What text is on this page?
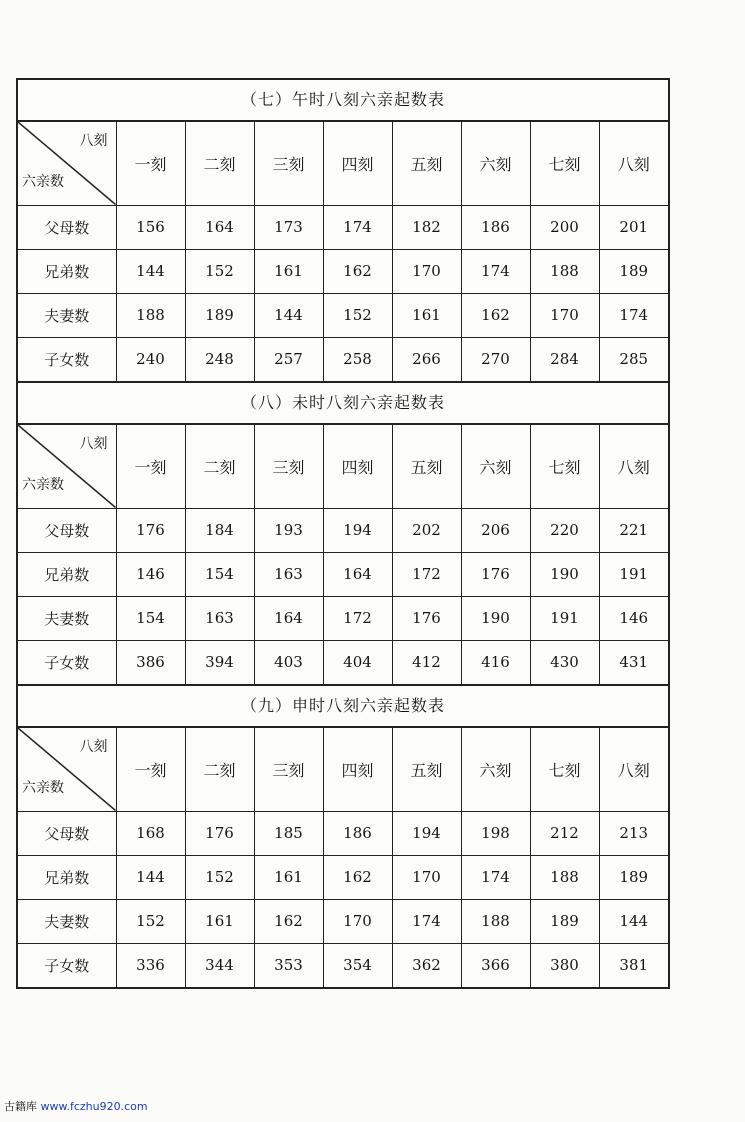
（七）午时八刻六亲起数表
八刻
六亲数	一刻	二刻	三刻	四刻	五刻	六刻	七刻	八刻
父母数	156	164	173	174	182	186	200	201
兄弟数	144	152	161	162	170	174	188	189
夫妻数	188	189	144	152	161	162	170	174
子女数	240	248	257	258	266	270	284	285
（八）未时八刻六亲起数表
八刻
六亲数	一刻	二刻	三刻	四刻	五刻	六刻	七刻	八刻
父母数	176	184	193	194	202	206	220	221
兄弟数	146	154	163	164	172	176	190	191
夫妻数	154	163	164	172	176	190	191	146
子女数	386	394	403	404	412	416	430	431
（九）申时八刻六亲起数表
八刻
六亲数	一刻	二刻	三刻	四刻	五刻	六刻	七刻	八刻
父母数	168	176	185	186	194	198	212	213
兄弟数	144	152	161	162	170	174	188	189
夫妻数	152	161	162	170	174	188	189	144
子女数	336	344	353	354	362	366	380	381
古籍库 www.fczhu920.com
